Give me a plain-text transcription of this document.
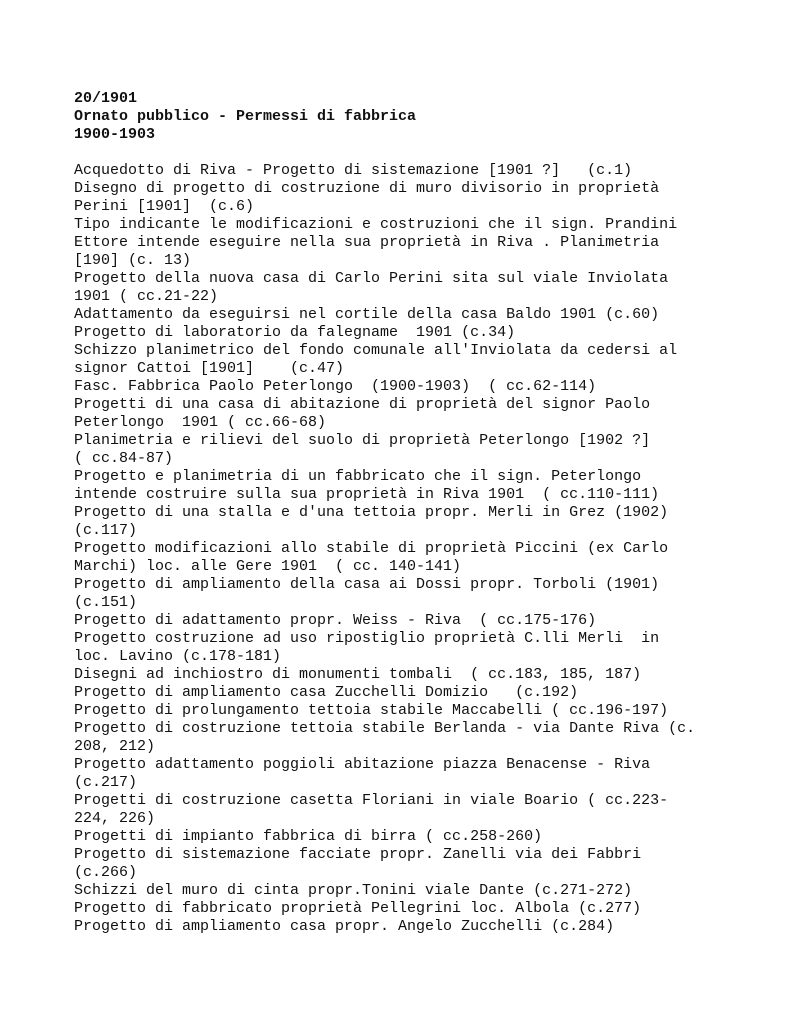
20/1901
Ornato pubblico - Permessi di fabbrica
1900-1903
Acquedotto di Riva - Progetto di sistemazione [1901 ?]   (c.1)
Disegno di progetto di costruzione di muro divisorio in proprietà
Perini [1901]  (c.6)
Tipo indicante le modificazioni e costruzioni che il sign. Prandini
Ettore intende eseguire nella sua proprietà in Riva . Planimetria
[190] (c. 13)
Progetto della nuova casa di Carlo Perini sita sul viale Inviolata
1901 ( cc.21-22)
Adattamento da eseguirsi nel cortile della casa Baldo 1901 (c.60)
Progetto di laboratorio da falegname  1901 (c.34)
Schizzo planimetrico del fondo comunale all'Inviolata da cedersi al
signor Cattoi [1901]    (c.47)
Fasc. Fabbrica Paolo Peterlongo  (1900-1903)  ( cc.62-114)
Progetti di una casa di abitazione di proprietà del signor Paolo
Peterlongo  1901 ( cc.66-68)
Planimetria e rilievi del suolo di proprietà Peterlongo [1902 ?]
( cc.84-87)
Progetto e planimetria di un fabbricato che il sign. Peterlongo
intende costruire sulla sua proprietà in Riva 1901  ( cc.110-111)
Progetto di una stalla e d'una tettoia propr. Merli in Grez (1902)
(c.117)
Progetto modificazioni allo stabile di proprietà Piccini (ex Carlo
Marchi) loc. alle Gere 1901  ( cc. 140-141)
Progetto di ampliamento della casa ai Dossi propr. Torboli (1901)
(c.151)
Progetto di adattamento propr. Weiss - Riva  ( cc.175-176)
Progetto costruzione ad uso ripostiglio proprietà C.lli Merli  in
loc. Lavino (c.178-181)
Disegni ad inchiostro di monumenti tombali  ( cc.183, 185, 187)
Progetto di ampliamento casa Zucchelli Domizio   (c.192)
Progetto di prolungamento tettoia stabile Maccabelli ( cc.196-197)
Progetto di costruzione tettoia stabile Berlanda - via Dante Riva (c.
208, 212)
Progetto adattamento poggioli abitazione piazza Benacense - Riva
(c.217)
Progetti di costruzione casetta Floriani in viale Boario ( cc.223-
224, 226)
Progetti di impianto fabbrica di birra ( cc.258-260)
Progetto di sistemazione facciate propr. Zanelli via dei Fabbri
(c.266)
Schizzi del muro di cinta propr.Tonini viale Dante (c.271-272)
Progetto di fabbricato proprietà Pellegrini loc. Albola (c.277)
Progetto di ampliamento casa propr. Angelo Zucchelli (c.284)
